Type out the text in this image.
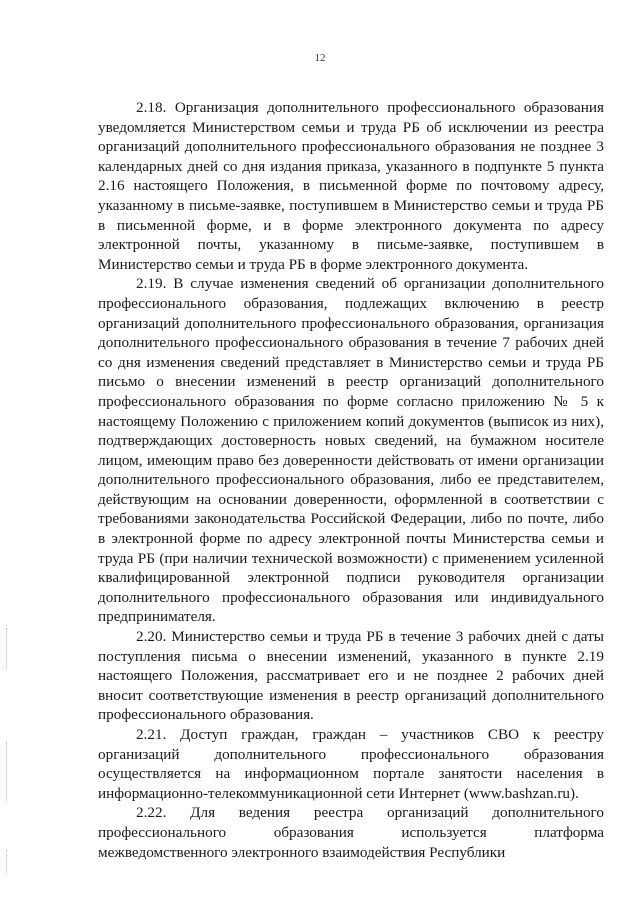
12

2.18. Организация дополнительного профессионального образования уведомляется Министерством семьи и труда РБ об исключении из реестра организаций дополнительного профессионального образования не позднее 3 календарных дней со дня издания приказа, указанного в подпункте 5 пункта 2.16 настоящего Положения, в письменной форме по почтовому адресу, указанному в письме-заявке, поступившем в Министерство семьи и труда РБ в письменной форме, и в форме электронного документа по адресу электронной почты, указанному в письме-заявке, поступившем в Министерство семьи и труда РБ в форме электронного документа.

2.19. В случае изменения сведений об организации дополнительного профессионального образования, подлежащих включению в реестр организаций дополнительного профессионального образования, организация дополнительного профессионального образования в течение 7 рабочих дней со дня изменения сведений представляет в Министерство семьи и труда РБ письмо о внесении изменений в реестр организаций дополнительного профессионального образования по форме согласно приложению № 5 к настоящему Положению с приложением копий документов (выписок из них), подтверждающих достоверность новых сведений, на бумажном носителе лицом, имеющим право без доверенности действовать от имени организации дополнительного профессионального образования, либо ее представителем, действующим на основании доверенности, оформленной в соответствии с требованиями законодательства Российской Федерации, либо по почте, либо в электронной форме по адресу электронной почты Министерства семьи и труда РБ (при наличии технической возможности) с применением усиленной квалифицированной электронной подписи руководителя организации дополнительного профессионального образования или индивидуального предпринимателя.

2.20. Министерство семьи и труда РБ в течение 3 рабочих дней с даты поступления письма о внесении изменений, указанного в пункте 2.19 настоящего Положения, рассматривает его и не позднее 2 рабочих дней вносит соответствующие изменения в реестр организаций дополнительного профессионального образования.

2.21. Доступ граждан, граждан – участников СВО к реестру организаций дополнительного профессионального образования осуществляется на информационном портале занятости населения в информационно-телекоммуникационной сети Интернет (www.bashzan.ru).

2.22. Для ведения реестра организаций дополнительного профессионального образования используется платформа межведомственного электронного взаимодействия Республики
